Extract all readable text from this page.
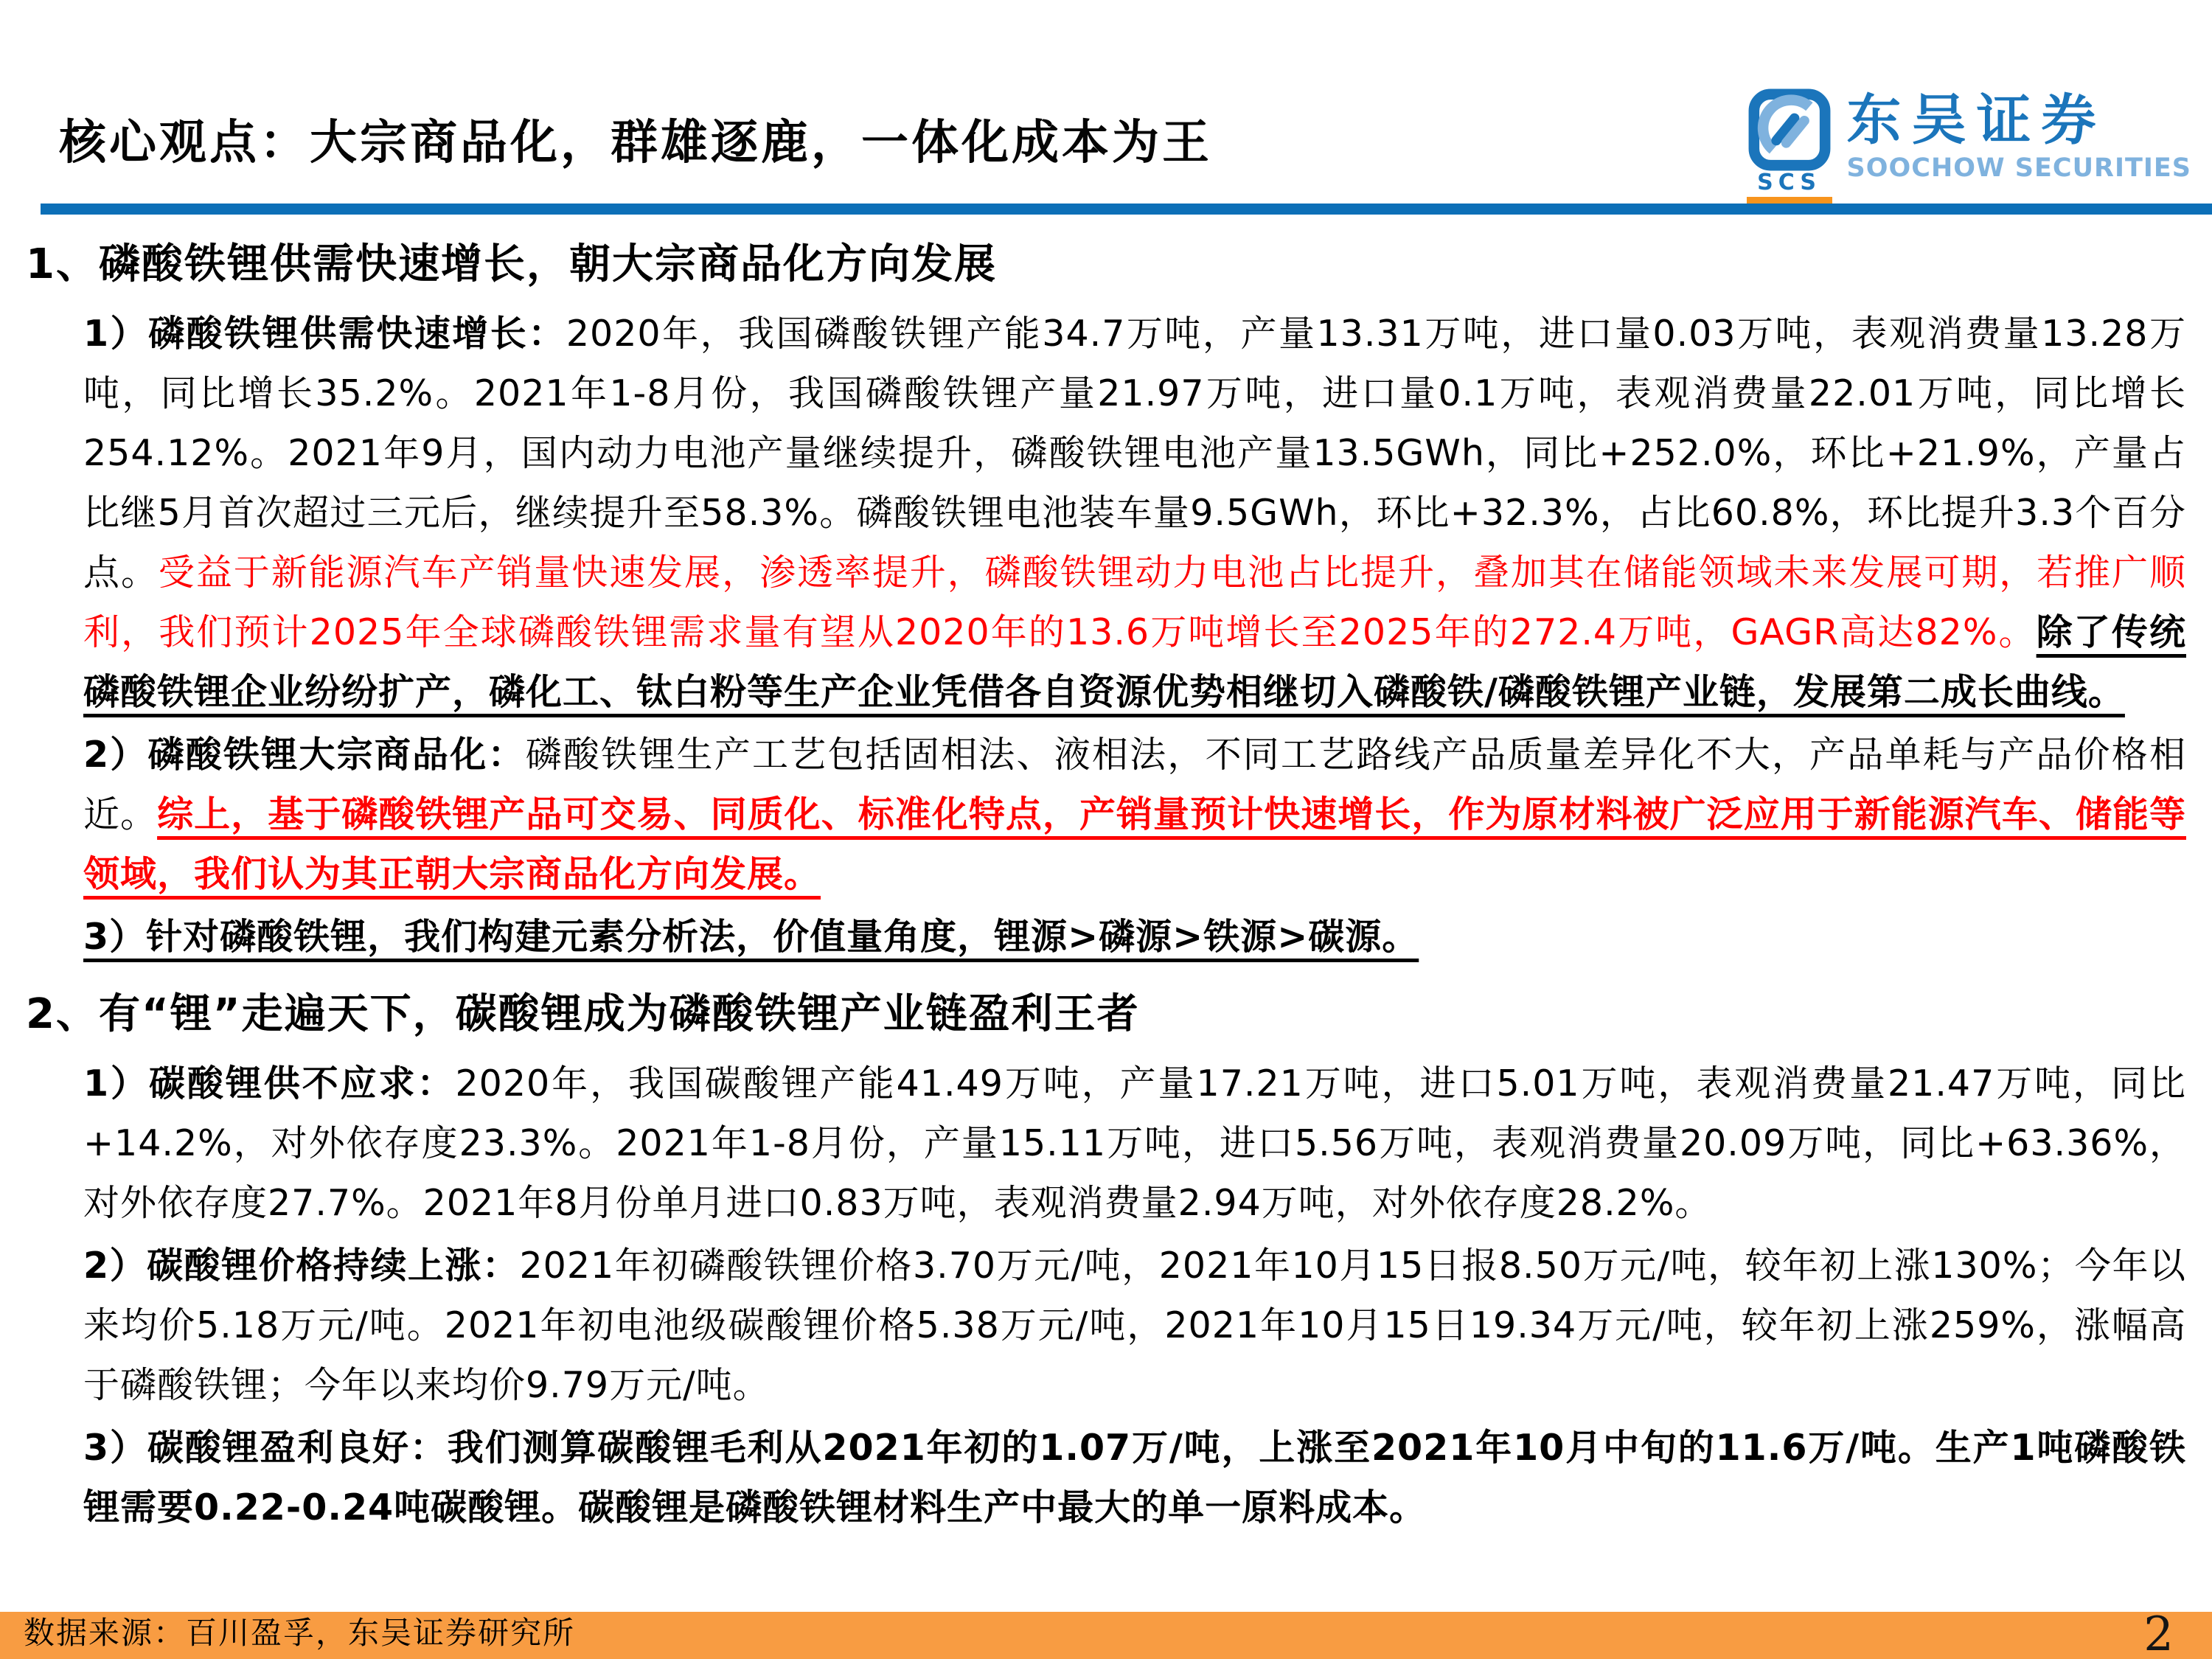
核心观点：大宗商品化，群雄逐鹿，一体化成本为王
SCS
东吴证券
SOOCHOW SECURITIES
1、磷酸铁锂供需快速增长，朝大宗商品化方向发展
1）磷酸铁锂供需快速增长：2020年，我国磷酸铁锂产能34.7万吨，产量13.31万吨，进口量0.03万吨，表观消费量13.28万吨，同比增长35.2%。2021年1-8月份，我国磷酸铁锂产量21.97万吨，进口量0.1万吨，表观消费量22.01万吨，同比增长254.12%。2021年9月，国内动力电池产量继续提升，磷酸铁锂电池产量13.5GWh，同比+252.0%，环比+21.9%，产量占比继5月首次超过三元后，继续提升至58.3%。磷酸铁锂电池装车量9.5GWh，环比+32.3%，占比60.8%，环比提升3.3个百分点。受益于新能源汽车产销量快速发展，渗透率提升，磷酸铁锂动力电池占比提升，叠加其在储能领域未来发展可期，若推广顺利，我们预计2025年全球磷酸铁锂需求量有望从2020年的13.6万吨增长至2025年的272.4万吨，GAGR高达82%。除了传统磷酸铁锂企业纷纷扩产，磷化工、钛白粉等生产企业凭借各自资源优势相继切入磷酸铁/磷酸铁锂产业链，发展第二成长曲线。
2）磷酸铁锂大宗商品化：磷酸铁锂生产工艺包括固相法、液相法，不同工艺路线产品质量差异化不大，产品单耗与产品价格相近。综上，基于磷酸铁锂产品可交易、同质化、标准化特点，产销量预计快速增长，作为原材料被广泛应用于新能源汽车、储能等领域，我们认为其正朝大宗商品化方向发展。
3）针对磷酸铁锂，我们构建元素分析法，价值量角度，锂源>磷源>铁源>碳源。
2、有“锂”走遍天下，碳酸锂成为磷酸铁锂产业链盈利王者
1）碳酸锂供不应求：2020年，我国碳酸锂产能41.49万吨，产量17.21万吨，进口5.01万吨，表观消费量21.47万吨，同比+14.2%，对外依存度23.3%。2021年1-8月份，产量15.11万吨，进口5.56万吨，表观消费量20.09万吨，同比+63.36%，对外依存度27.7%。2021年8月份单月进口0.83万吨，表观消费量2.94万吨，对外依存度28.2%。
2）碳酸锂价格持续上涨：2021年初磷酸铁锂价格3.70万元/吨，2021年10月15日报8.50万元/吨，较年初上涨130%；今年以来均价5.18万元/吨。2021年初电池级碳酸锂价格5.38万元/吨，2021年10月15日19.34万元/吨，较年初上涨259%，涨幅高于磷酸铁锂；今年以来均价9.79万元/吨。
3）碳酸锂盈利良好：我们测算碳酸锂毛利从2021年初的1.07万/吨，上涨至2021年10月中旬的11.6万/吨。生产1吨磷酸铁锂需要0.22-0.24吨碳酸锂。碳酸锂是磷酸铁锂材料生产中最大的单一原料成本。
数据来源：百川盈孚，东吴证券研究所	2
